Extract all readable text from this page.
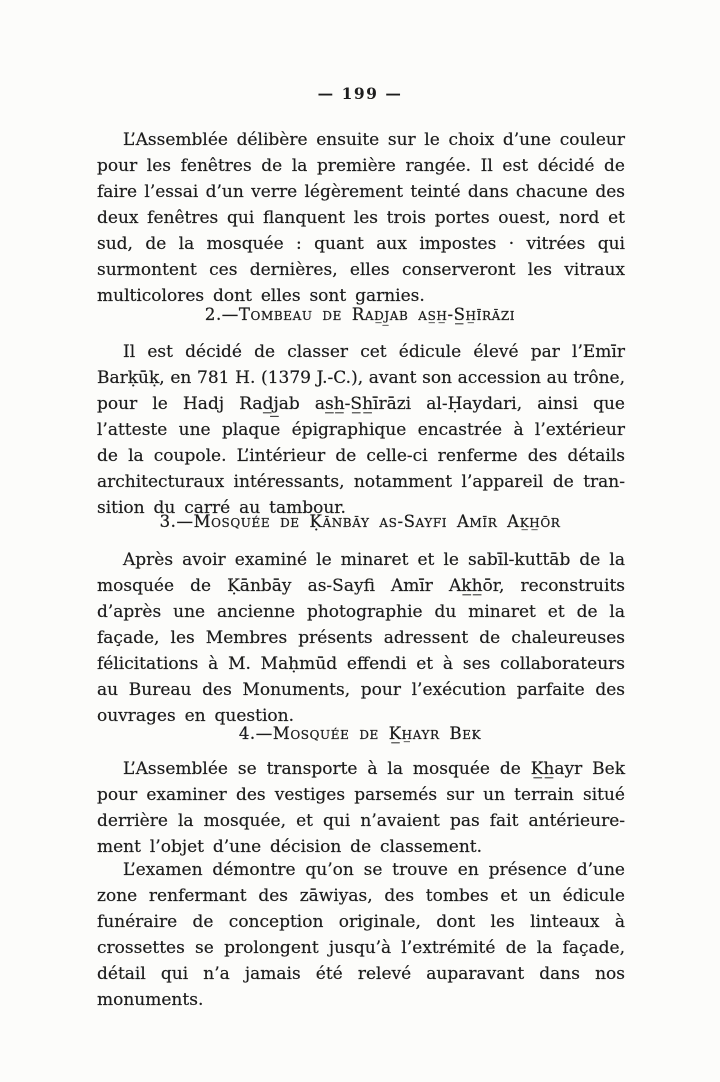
— 199 —
L’Assemblée délibère ensuite sur le choix d’une couleur
pour les fenêtres de la première rangée. Il est décidé de
faire l’essai d’un verre légèrement teinté dans chacune des
deux fenêtres qui flanquent les trois portes ouest, nord et
sud, de la mosquée : quant aux impostes · vitrées qui
surmontent ces dernières, elles conserveront les vitraux
multicolores dont elles sont garnies.
2.—Tombeau de Rad̲j̲ab as̲h̲-S̲h̲īrāzi
Il est décidé de classer cet édicule élevé par l’Emīr
Barḳūḳ, en 781 H. (1379 J.-C.), avant son accession au trône,
pour le Hadj Rad̲j̲ab as̲h̲-S̲h̲īrāzi al-Ḥaydari, ainsi que
l’atteste une plaque épigraphique encastrée à l’extérieur
de la coupole. L’intérieur de celle-ci renferme des détails
architecturaux intéressants, notamment l’appareil de tran-
sition du carré au tambour.
3.—Mosquée de Ḳānbāy as-Sayfi Amīr Ak̲h̲ōr
Après avoir examiné le minaret et le sabīl-kuttāb de la
mosquée de Ḳānbāy as-Sayfi Amīr Ak̲h̲ōr, reconstruits
d’après une ancienne photographie du minaret et de la
façade, les Membres présents adressent de chaleureuses
félicitations à M. Maḥmūd effendi et à ses collaborateurs
au Bureau des Monuments, pour l’exécution parfaite des
ouvrages en question.
4.—Mosquée de K̲h̲ayr Bek
L’Assemblée se transporte à la mosquée de K̲h̲ayr Bek
pour examiner des vestiges parsemés sur un terrain situé
derrière la mosquée, et qui n’avaient pas fait antérieure-
ment l’objet d’une décision de classement.
L’examen démontre qu’on se trouve en présence d’une
zone renfermant des zāwiyas, des tombes et un édicule
funéraire de conception originale, dont les linteaux à
crossettes se prolongent jusqu’à l’extrémité de la façade,
détail qui n’a jamais été relevé auparavant dans nos
monuments.
